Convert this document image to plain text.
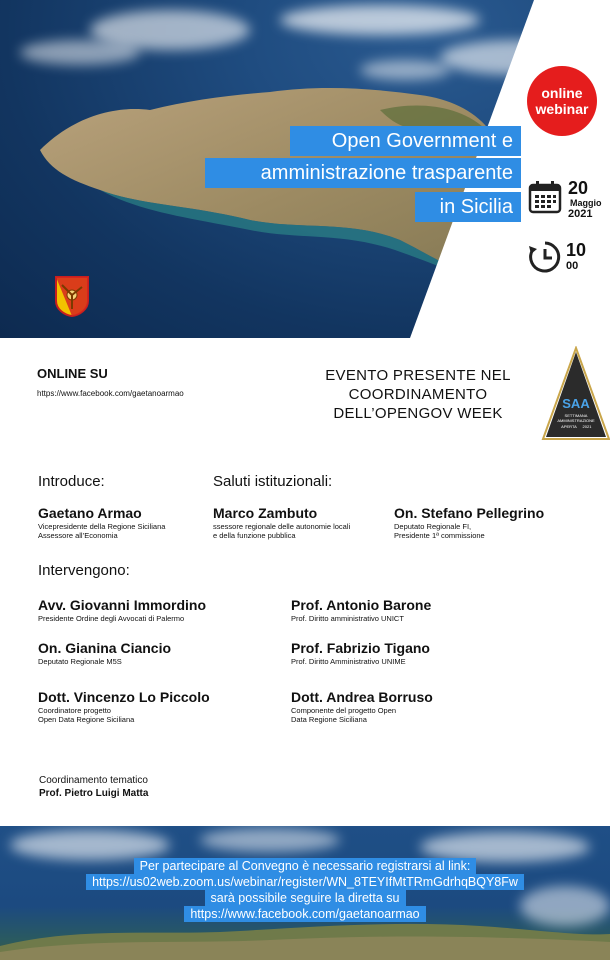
online
webinar
Open Government e
amministrazione trasparente
in Sicilia
20
Maggio
2021
10
00
ONLINE SU
https://www.facebook.com/gaetanoarmao
EVENTO PRESENTE NEL COORDINAMENTO DELL’OPENGOV WEEK
SAA
SETTIMANA
AMMINISTRAZIONE
APERTA 2021
Introduce:
Gaetano Armao
Vicepresidente della Regione Siciliana
Assessore all’Economia
Saluti istituzionali:
Marco Zambuto
ssessore regionale delle autonomie locali
e della funzione pubblica
On. Stefano Pellegrino
Deputato Regionale FI,
Presidente 1ª commissione
Intervengono:
Avv. Giovanni Immordino
Presidente Ordine degli Avvocati di Palermo
On. Gianina Ciancio
Deputato Regionale M5S
Dott. Vincenzo Lo Piccolo
Coordinatore progetto
Open Data Regione Siciliana
Prof. Antonio Barone
Prof. Diritto amministrativo UNICT
Prof. Fabrizio Tigano
Prof. Diritto Amministrativo UNIME
Dott. Andrea Borruso
Componente del progetto Open
Data Regione Siciliana
Coordinamento tematico
Prof. Pietro Luigi Matta
Per partecipare al Convegno è necessario registrarsi al link:
https://us02web.zoom.us/webinar/register/WN_8TEYIfMtTRmGdrhqBQY8Fw
sarà possibile seguire la diretta su
https://www.facebook.com/gaetanoarmao
